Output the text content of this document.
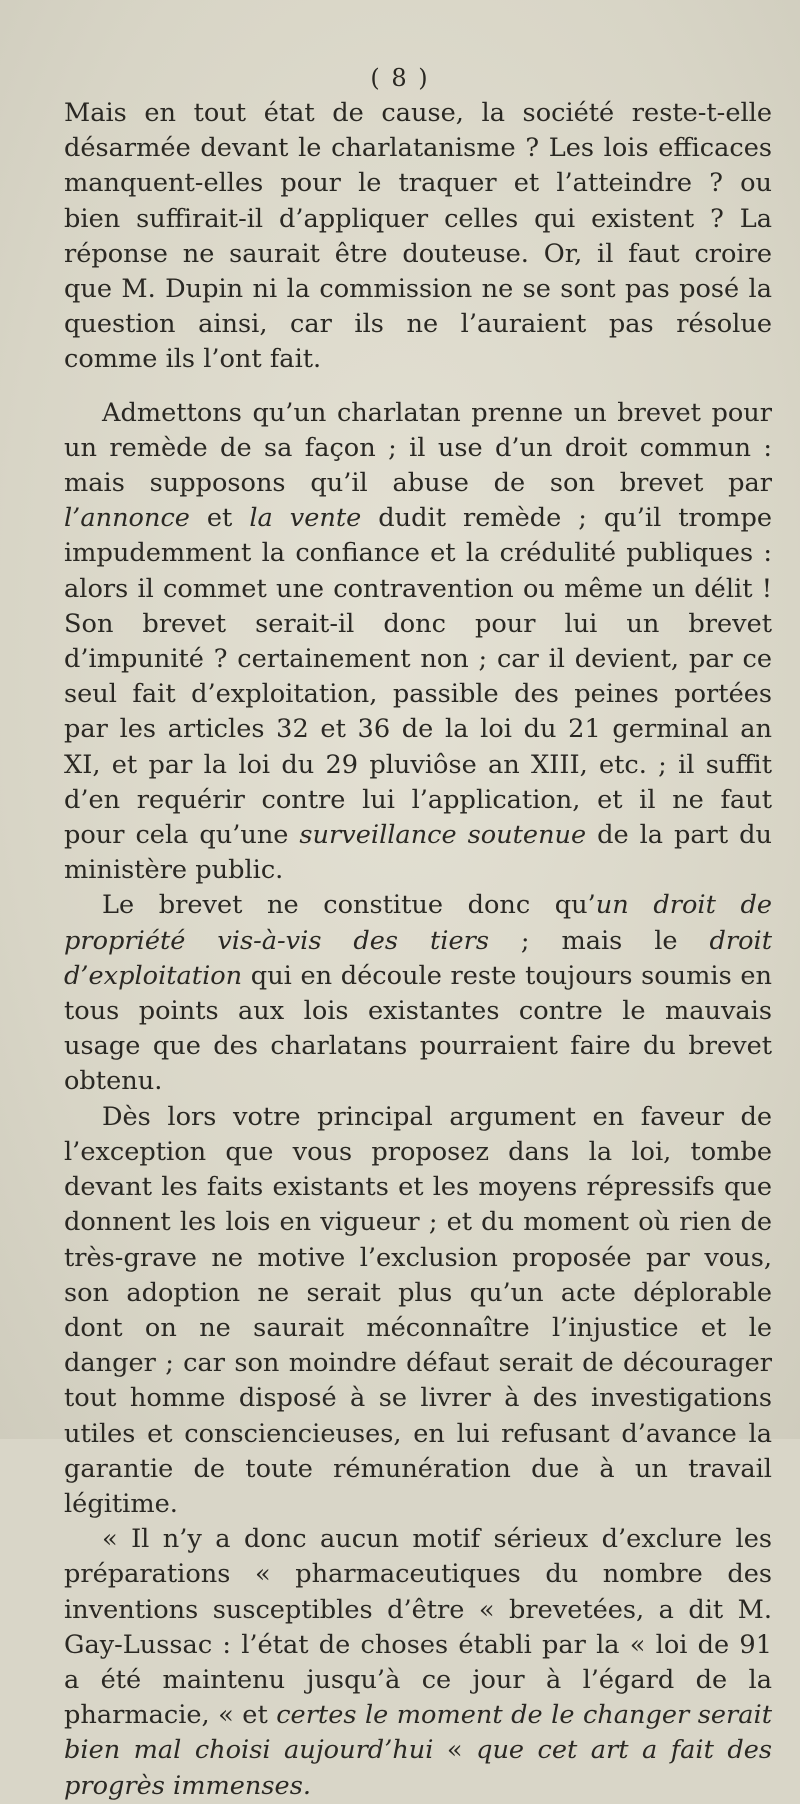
( 8 )

Mais en tout état de cause, la société reste-t-elle désarmée devant le charlatanisme ? Les lois efficaces manquent-elles pour le traquer et l’atteindre ? ou bien suffirait-il d’appliquer celles qui existent ? La réponse ne saurait être douteuse. Or, il faut croire que M. Dupin ni la commission ne se sont pas posé la question ainsi, car ils ne l’auraient pas résolue comme ils l’ont fait.

Admettons qu’un charlatan prenne un brevet pour un remède de sa façon ; il use d’un droit commun : mais supposons qu’il abuse de son brevet par l’annonce et la vente dudit remède ; qu’il trompe impudemment la confiance et la crédulité publiques : alors il commet une contravention ou même un délit ! Son brevet serait-il donc pour lui un brevet d’impunité ? certainement non ; car il devient, par ce seul fait d’exploitation, passible des peines portées par les articles 32 et 36 de la loi du 21 germinal an XI, et par la loi du 29 pluviôse an XIII, etc. ; il suffit d’en requérir contre lui l’application, et il ne faut pour cela qu’une surveillance soutenue de la part du ministère public.

Le brevet ne constitue donc qu’un droit de propriété vis-à-vis des tiers ; mais le droit d’exploitation qui en découle reste toujours soumis en tous points aux lois existantes contre le mauvais usage que des charlatans pourraient faire du brevet obtenu.

Dès lors votre principal argument en faveur de l’exception que vous proposez dans la loi, tombe devant les faits existants et les moyens répressifs que donnent les lois en vigueur ; et du moment où rien de très-grave ne motive l’exclusion proposée par vous, son adoption ne serait plus qu’un acte déplorable dont on ne saurait méconnaître l’injustice et le danger ; car son moindre défaut serait de décourager tout homme disposé à se livrer à des investigations utiles et consciencieuses, en lui refusant d’avance la garantie de toute rémunération due à un travail légitime.

« Il n’y a donc aucun motif sérieux d’exclure les préparations « pharmaceutiques du nombre des inventions susceptibles d’être « brevetées, a dit M. Gay-Lussac : l’état de choses établi par la « loi de 91 a été maintenu jusqu’à ce jour à l’égard de la pharmacie, « et certes le moment de le changer serait bien mal choisi aujourd’hui « que cet art a fait des progrès immenses.
